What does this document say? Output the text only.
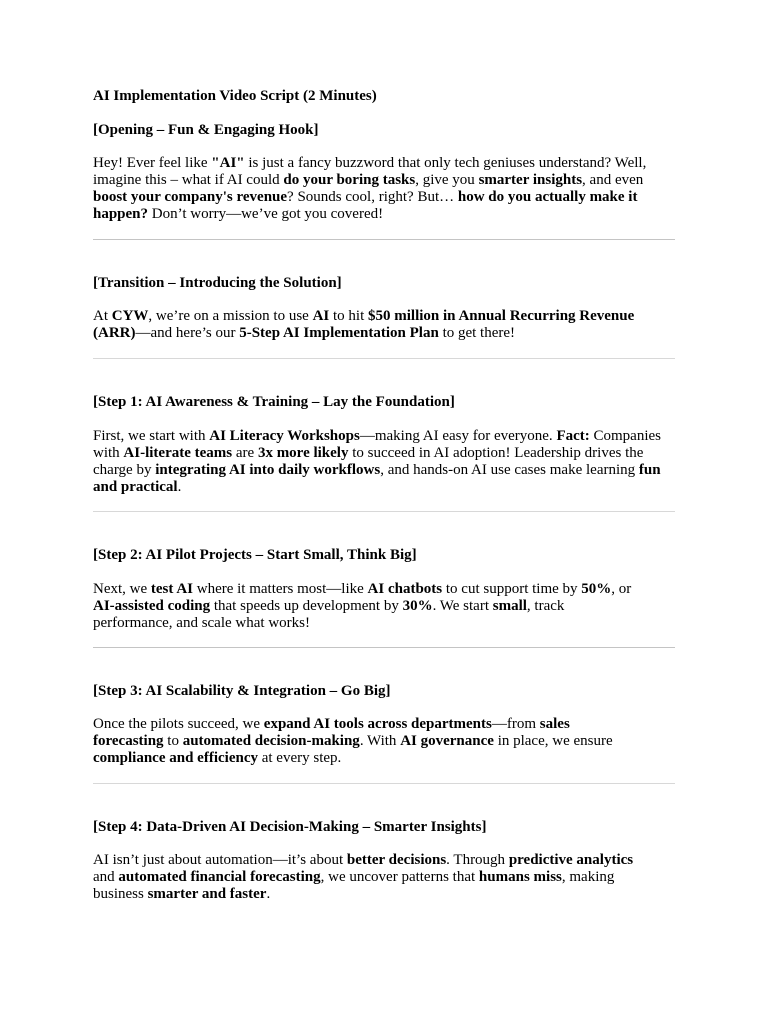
AI Implementation Video Script (2 Minutes)
[Opening – Fun & Engaging Hook]

Hey! Ever feel like "AI" is just a fancy buzzword that only tech geniuses understand? Well, imagine this – what if AI could do your boring tasks, give you smarter insights, and even
boost your company's revenue? Sounds cool, right? But… how do you actually make it happen? Don’t worry—we’ve got you covered!

[Transition – Introducing the Solution]

At CYW, we’re on a mission to use AI to hit $50 million in Annual Recurring Revenue (ARR)—and here’s our 5-Step AI Implementation Plan to get there!

[Step 1: AI Awareness & Training – Lay the Foundation]

First, we start with AI Literacy Workshops—making AI easy for everyone. Fact: Companies with AI-literate teams are 3x more likely to succeed in AI adoption! Leadership drives the charge by integrating AI into daily workflows, and hands-on AI use cases make learning fun and practical.

[Step 2: AI Pilot Projects – Start Small, Think Big]

Next, we test AI where it matters most—like AI chatbots to cut support time by 50%, or AI-assisted coding that speeds up development by 30%. We start small, track performance, and scale what works!

[Step 3: AI Scalability & Integration – Go Big]

Once the pilots succeed, we expand AI tools across departments—from sales forecasting to automated decision-making. With AI governance in place, we ensure compliance and efficiency at every step.

[Step 4: Data-Driven AI Decision-Making – Smarter Insights]

AI isn’t just about automation—it’s about better decisions. Through predictive analytics and automated financial forecasting, we uncover patterns that humans miss, making business smarter and faster.
